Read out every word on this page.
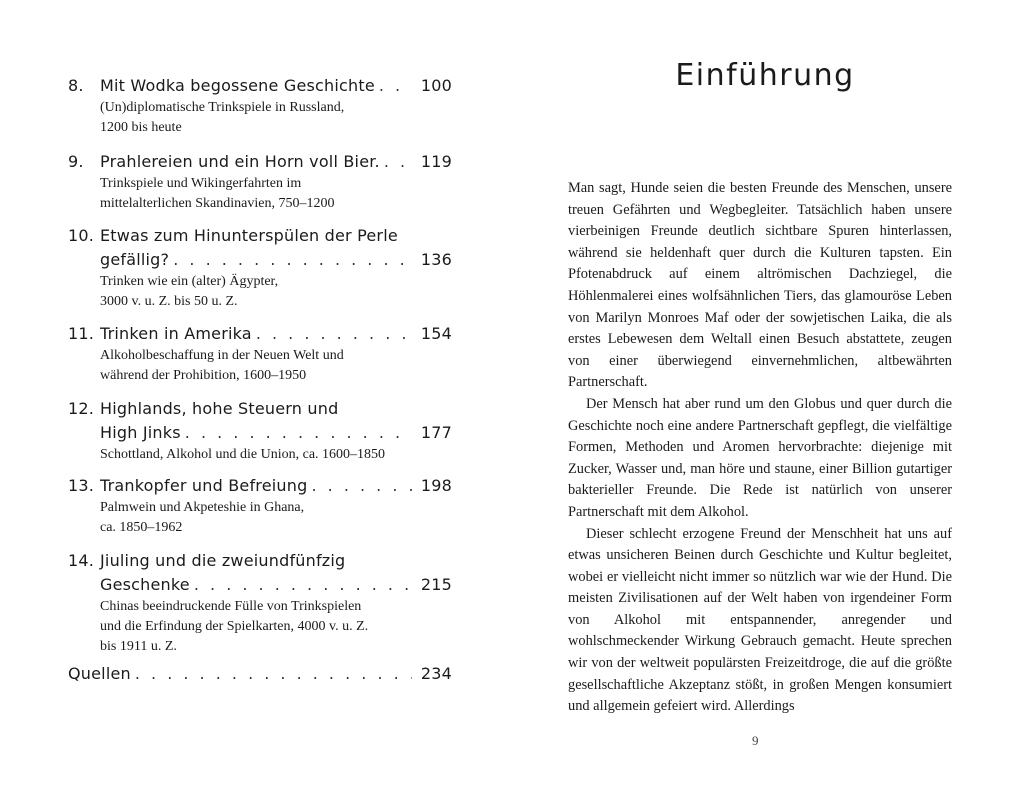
8.	Mit Wodka begossene Geschichte . . .	100
(Un)diplomatische Trinkspiele in Russland,
1200 bis heute
9.	Prahlereien und ein Horn voll Bier. . . .	119
Trinkspiele und Wikingerfahrten im
mittelalterlichen Skandinavien, 750–1200
10. Etwas zum Hinunterspülen der Perle
gefällig? . . .	136
Trinken wie ein (alter) Ägypter,
3000 v. u. Z. bis 50 u. Z.
11. Trinken in Amerika . . .	154
Alkoholbeschaffung in der Neuen Welt und
während der Prohibition, 1600–1950
12. Highlands, hohe Steuern und
High Jinks . . .	177
Schottland, Alkohol und die Union, ca. 1600–1850
13. Trankopfer und Befreiung . . .	198
Palmwein und Akpeteshie in Ghana,
ca. 1850–1962
14. Jiuling und die zweiundfünfzig
Geschenke . . .	215
Chinas beeindruckende Fülle von Trinkspielen
und die Erfindung der Spielkarten, 4000 v. u. Z.
bis 1911 u. Z.
Quellen . . .	234
Einführung

Man sagt, Hunde seien die besten Freunde des Menschen, unsere treuen Gefährten und Wegbegleiter. Tatsächlich haben unsere vierbeinigen Freunde deutlich sichtbare Spuren hinterlassen, während sie heldenhaft quer durch die Kulturen tapsten. Ein Pfotenabdruck auf einem altrömischen Dachziegel, die Höhlenmalerei eines wolfsähnlichen Tiers, das glamouröse Leben von Marilyn Monroes Maf oder der sowjetischen Laika, die als erstes Lebewesen dem Weltall einen Besuch abstattete, zeugen von einer überwiegend einvernehmlichen, altbewährten Partnerschaft.

Der Mensch hat aber rund um den Globus und quer durch die Geschichte noch eine andere Partnerschaft gepflegt, die vielfältige Formen, Methoden und Aromen hervorbrachte: diejenige mit Zucker, Wasser und, man höre und staune, einer Billion gutartiger bakterieller Freunde. Die Rede ist natürlich von unserer Partnerschaft mit dem Alkohol.

Dieser schlecht erzogene Freund der Menschheit hat uns auf etwas unsicheren Beinen durch Geschichte und Kultur begleitet, wobei er vielleicht nicht immer so nützlich war wie der Hund. Die meisten Zivilisationen auf der Welt haben von irgendeiner Form von Alkohol mit entspannender, anregender und wohlschmeckender Wirkung Gebrauch gemacht. Heute sprechen wir von der weltweit populärsten Freizeitdroge, die auf die größte gesellschaftliche Akzeptanz stößt, in großen Mengen konsumiert und allgemein gefeiert wird. Allerdings

9
